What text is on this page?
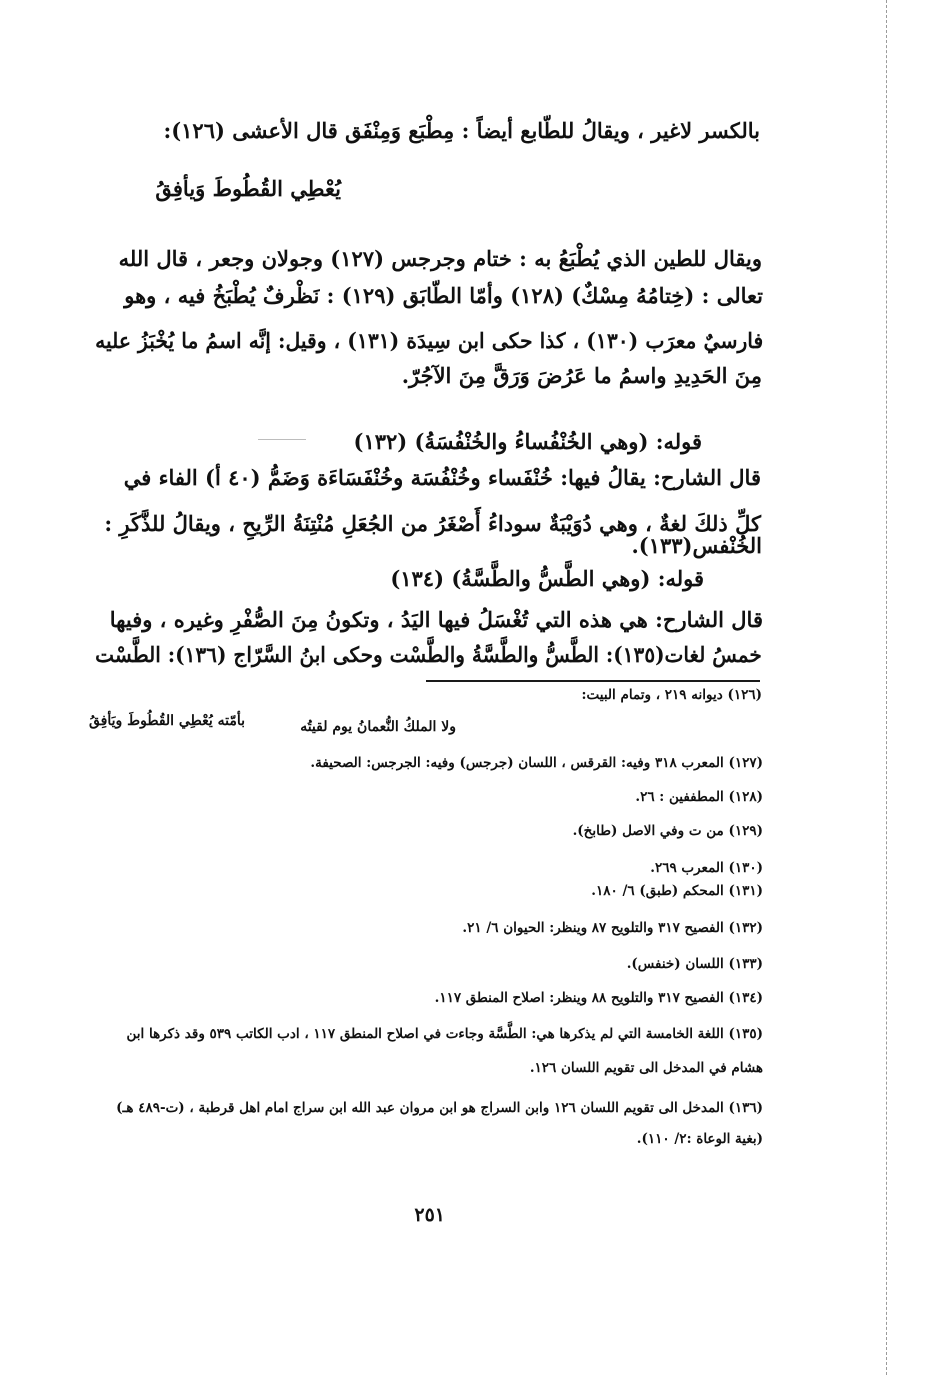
بالكسر لاغير ، ويقالُ للطّابع أيضاً : مِطْبَع وَمِنْفَق قال الأعشى (١٢٦):

يُعْطِي القُطُوطَ وَيأفِقُ

ويقال للطين الذي يُطْبَعُ به : ختام وجرجس (١٢٧) وجولان وجعر ، قال الله

تعالى : (خِتامُهُ مِسْكٌ) (١٢٨) وأمّا الطّابَق (١٢٩) : نَظْرفٌ يُطْبَخُ فيه ، وهو

فارسيٌ معرَب (١٣٠) ، كذا حكى ابن سِيدَة (١٣١) ، وقيل: إنَّه اسمُ ما يُخْبَزُ عليه

مِنَ الحَدِيدِ واسمُ ما عَرُضَ وَرَقَّ مِنَ الآجُرّ.

قوله: (وهي الخُنْفُساءُ والخُنْفُسَةُ) (١٣٢)

قال الشارح: يقالُ فيها: خُنْفَساء وخُنْفُسَة وخُنْفَسَاءَة وَضَمُّ (٤٠ أ) الفاء في

كلِّ ذلكَ لغةٌ ، وهي دُوَيْبَةٌ سوداءُ أَصْغَرُ من الجُعَلِ مُنْتِنَةُ الرِّيحِ ، ويقالُ للذَّكَرِ :

الخُنْفس(١٣٣).

قوله: (وهي الطَّسُّ والطَّسَّةُ) (١٣٤)

قال الشارح: هي هذه التي تُغْسَلُ فيها اليَدُ ، وتكونُ مِنَ الصُّفْرِ وغيره ، وفيها

خمسُ لغات(١٣٥): الطَّسُّ والطَّسَّةُ والطَّسْت وحكى ابنُ السَّرّاج (١٣٦): الطَّسْت

(١٢٦) ديوانه ٢١٩ ، وتمام البيت:

ولا الملكُ النُّعمانُ يوم لقيتُه
بأمّته يُعْطِي القُطُوطَ ويَأفِقُ

(١٢٧) المعرب ٣١٨ وفيه: القرقس ، اللسان (جرجس) وفيه: الجرجس: الصحيفة.

(١٢٨) المطففين : ٢٦.

(١٢٩) من ت وفي الاصل (طابخ).

(١٣٠) المعرب ٢٦٩.

(١٣١) المحكم (طبق) ٦/ ١٨٠.

(١٣٢) الفصيح ٣١٧ والتلويح ٨٧ وينظر: الحيوان ٦/ ٢١.

(١٣٣) اللسان (خنفس).

(١٣٤) الفصيح ٣١٧ والتلويح ٨٨ وينظر: اصلاح المنطق ١١٧.

(١٣٥) اللغة الخامسة التي لم يذكرها هي: الطَّسَّة وجاءت في اصلاح المنطق ١١٧ ، ادب الكاتب ٥٣٩ وقد ذكرها ابن

هشام في المدخل الى تقويم اللسان ١٢٦.

(١٣٦) المدخل الى تقويم اللسان ١٢٦ وابن السراج هو ابن مروان عبد الله ابن سراج امام اهل قرطبة ، (ت-٤٨٩ هـ)

(بغية الوعاة :٢/ ١١٠).

٢٥١
